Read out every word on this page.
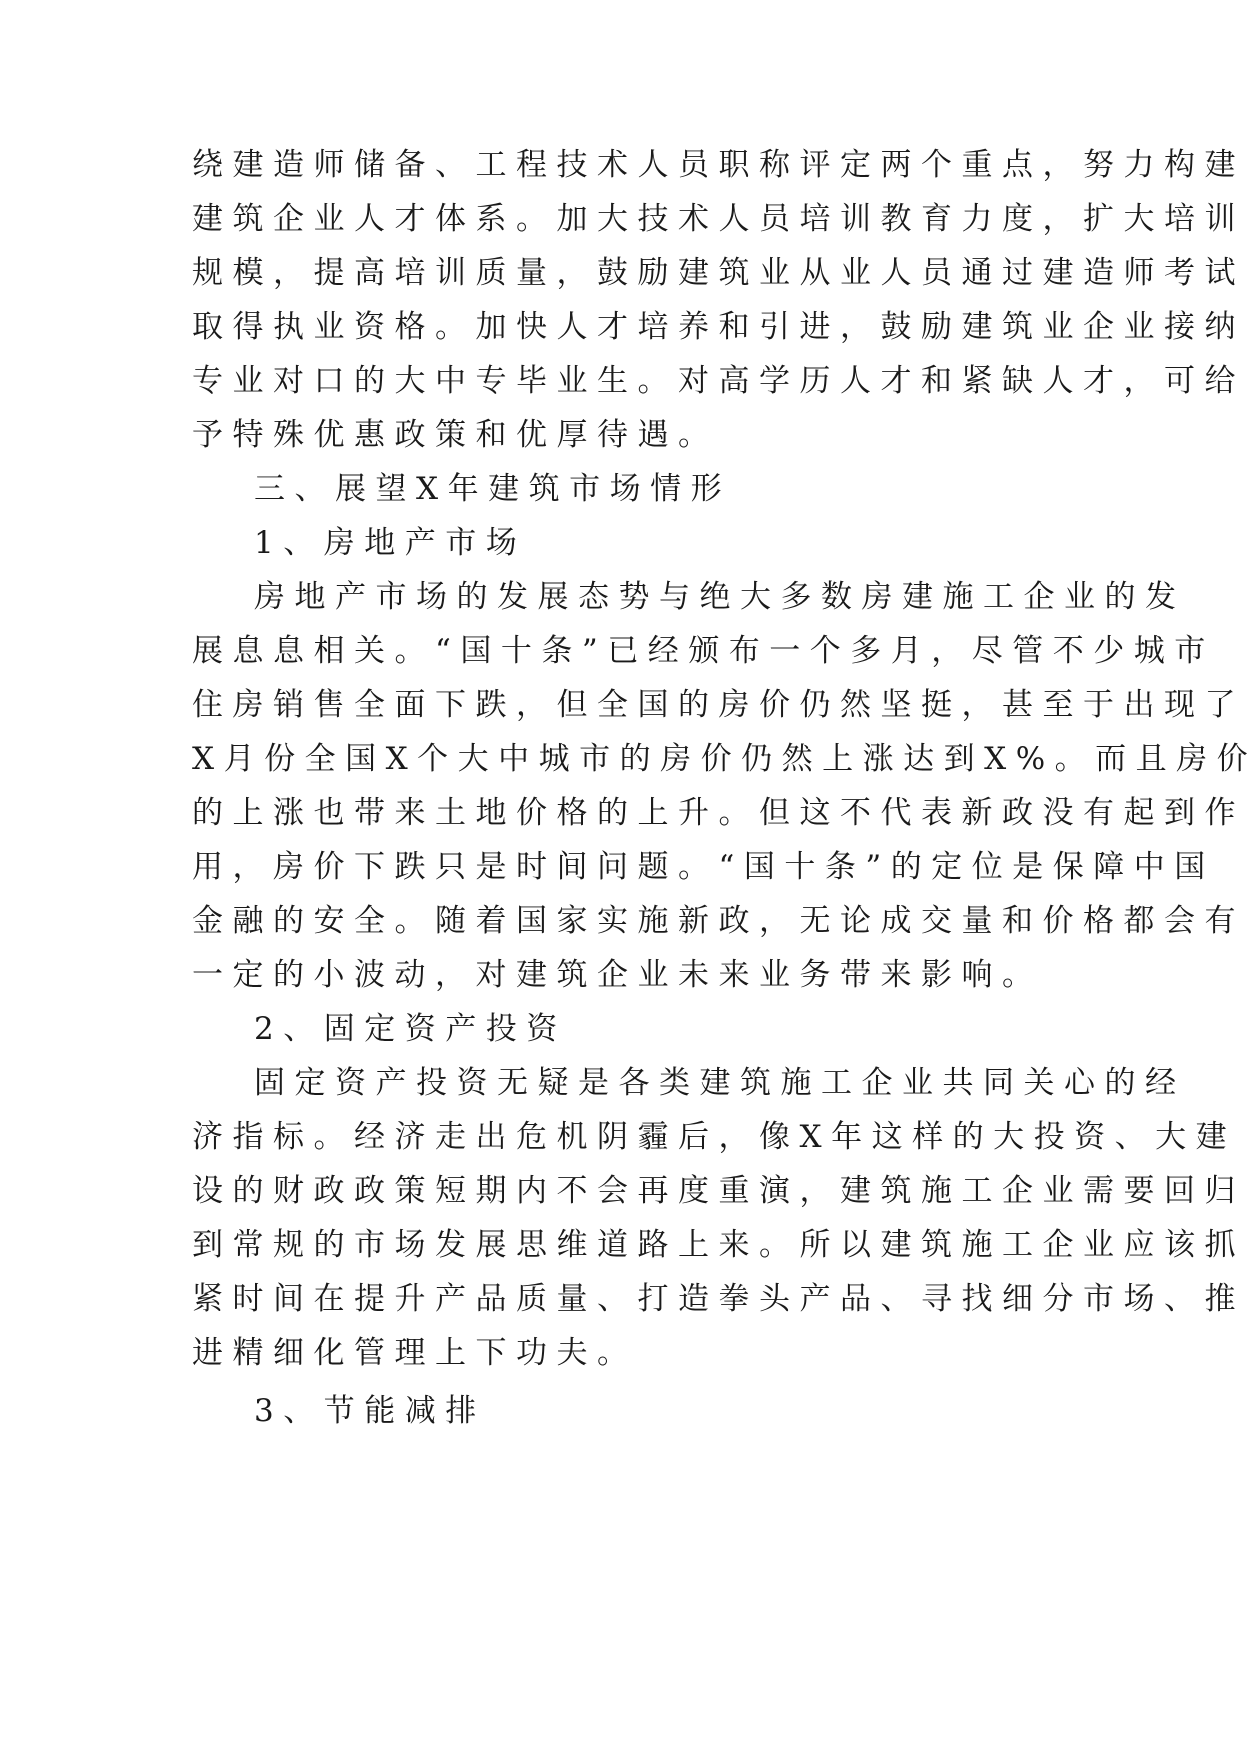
绕建造师储备、工程技术人员职称评定两个重点，努力构建
建筑企业人才体系。加大技术人员培训教育力度，扩大培训
规模，提高培训质量，鼓励建筑业从业人员通过建造师考试
取得执业资格。加快人才培养和引进，鼓励建筑业企业接纳
专业对口的大中专毕业生。对高学历人才和紧缺人才，可给
予特殊优惠政策和优厚待遇。
三、展望X年建筑市场情形
1、房地产市场
房地产市场的发展态势与绝大多数房建施工企业的发
展息息相关。“国十条”已经颁布一个多月，尽管不少城市
住房销售全面下跌，但全国的房价仍然坚挺，甚至于出现了
X月份全国X个大中城市的房价仍然上涨达到X%。而且房价
的上涨也带来土地价格的上升。但这不代表新政没有起到作
用，房价下跌只是时间问题。“国十条”的定位是保障中国
金融的安全。随着国家实施新政，无论成交量和价格都会有
一定的小波动，对建筑企业未来业务带来影响。
2、固定资产投资
固定资产投资无疑是各类建筑施工企业共同关心的经
济指标。经济走出危机阴霾后，像X年这样的大投资、大建
设的财政政策短期内不会再度重演，建筑施工企业需要回归
到常规的市场发展思维道路上来。所以建筑施工企业应该抓
紧时间在提升产品质量、打造拳头产品、寻找细分市场、推
进精细化管理上下功夫。
3、节能减排
